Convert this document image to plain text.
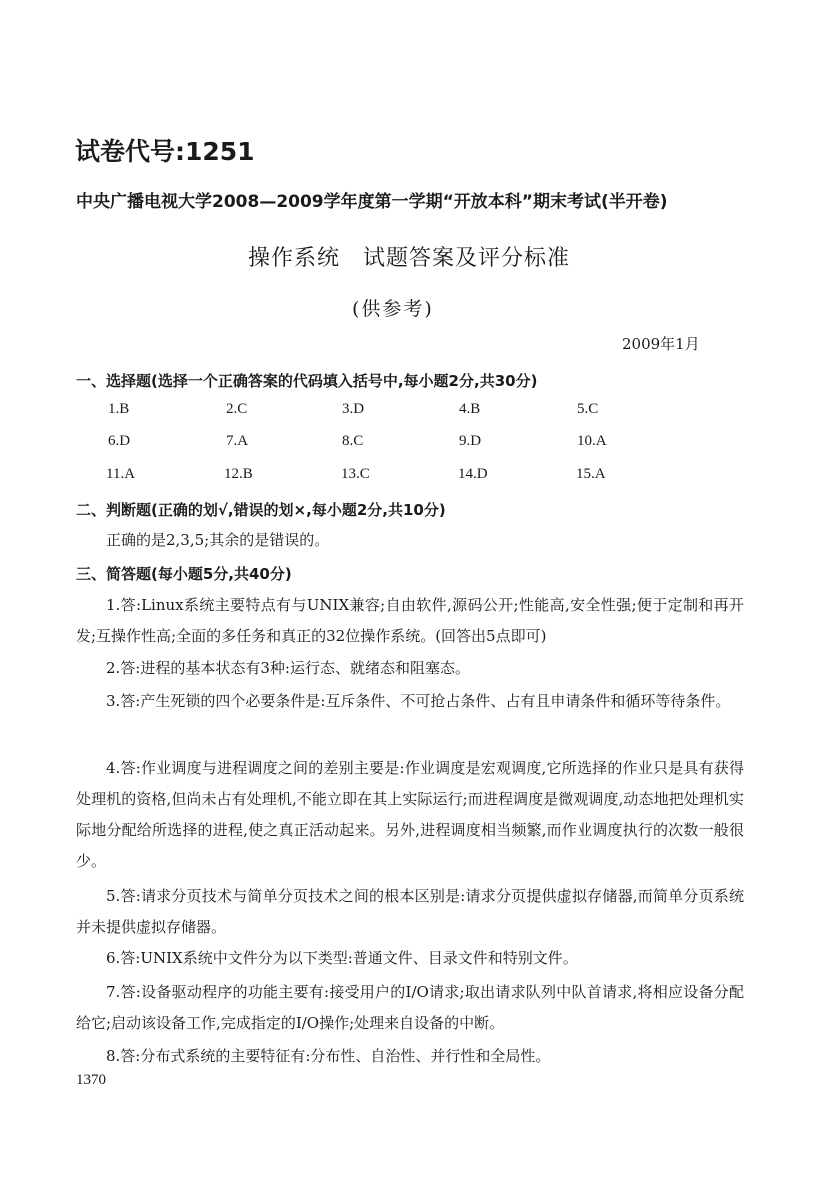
试卷代号:1251
中央广播电视大学2008—2009学年度第一学期“开放本科”期末考试(半开卷)
操作系统　试题答案及评分标准
(供参考)
2009年1月
一、选择题(选择一个正确答案的代码填入括号中,每小题2分,共30分)
1.B	2.C	3.D	4.B	5.C
6.D	7.A	8.C	9.D	10.A
11.A	12.B	13.C	14.D	15.A
二、判断题(正确的划√,错误的划×,每小题2分,共10分)
正确的是2,3,5;其余的是错误的。
三、简答题(每小题5分,共40分)
1.答:Linux系统主要特点有与UNIX兼容;自由软件,源码公开;性能高,安全性强;便于定制和再开发;互操作性高;全面的多任务和真正的32位操作系统。(回答出5点即可)
2.答:进程的基本状态有3种:运行态、就绪态和阻塞态。
3.答:产生死锁的四个必要条件是:互斥条件、不可抢占条件、占有且申请条件和循环等待条件。
4.答:作业调度与进程调度之间的差别主要是:作业调度是宏观调度,它所选择的作业只是具有获得处理机的资格,但尚未占有处理机,不能立即在其上实际运行;而进程调度是微观调度,动态地把处理机实际地分配给所选择的进程,使之真正活动起来。另外,进程调度相当频繁,而作业调度执行的次数一般很少。
5.答:请求分页技术与简单分页技术之间的根本区别是:请求分页提供虚拟存储器,而简单分页系统并未提供虚拟存储器。
6.答:UNIX系统中文件分为以下类型:普通文件、目录文件和特别文件。
7.答:设备驱动程序的功能主要有:接受用户的I/O请求;取出请求队列中队首请求,将相应设备分配给它;启动该设备工作,完成指定的I/O操作;处理来自设备的中断。
8.答:分布式系统的主要特征有:分布性、自治性、并行性和全局性。
1370
